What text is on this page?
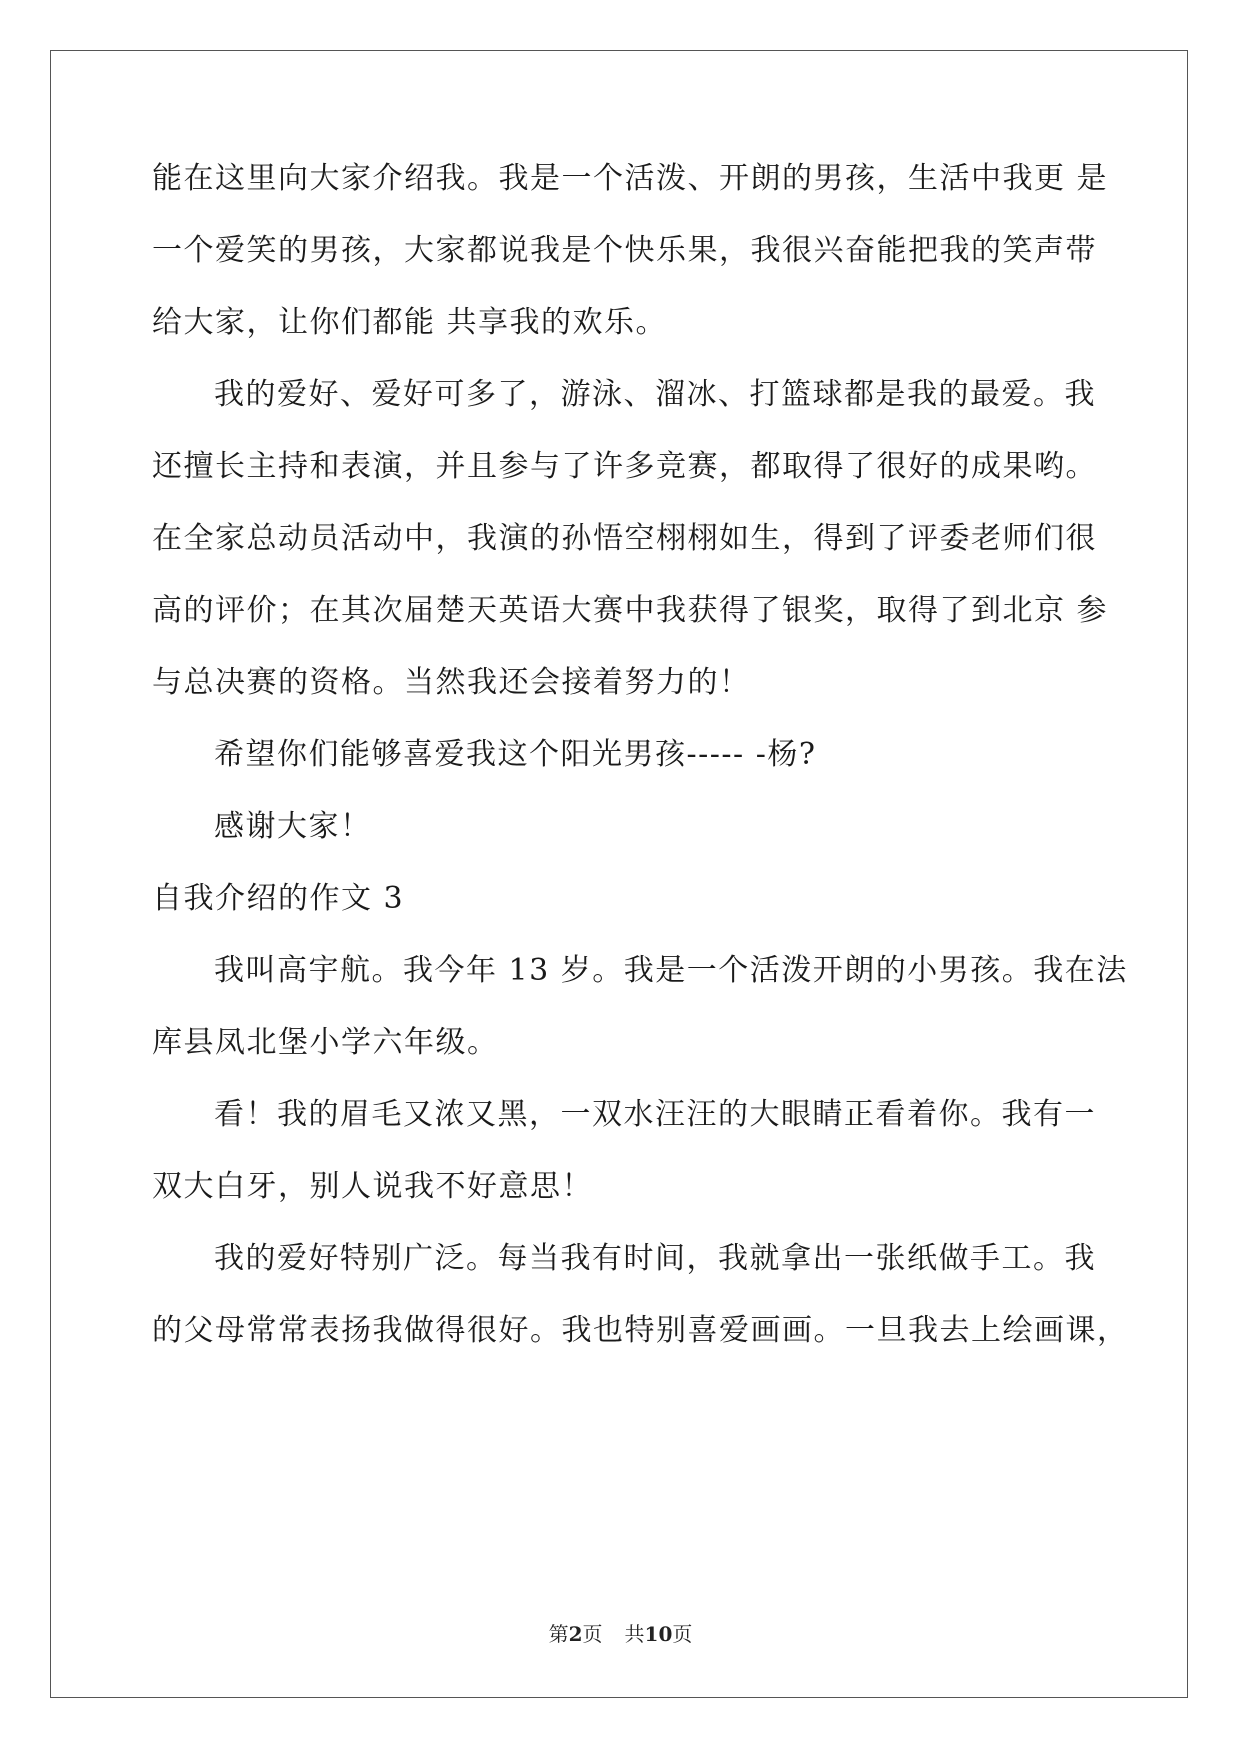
能在这里向大家介绍我。我是一个活泼、开朗的男孩，生活中我更 是
一个爱笑的男孩，大家都说我是个快乐果，我很兴奋能把我的笑声带
给大家，让你们都能 共享我的欢乐。
我的爱好、爱好可多了，游泳、溜冰、打篮球都是我的最爱。我
还擅长主持和表演，并且参与了许多竞赛，都取得了很好的成果哟。
在全家总动员活动中，我演的孙悟空栩栩如生，得到了评委老师们很
高的评价；在其次届楚天英语大赛中我获得了银奖，取得了到北京 参
与总决赛的资格。当然我还会接着努力的！
希望你们能够喜爱我这个阳光男孩----- -杨?
感谢大家！
自我介绍的作文 3
我叫高宇航。我今年 13 岁。我是一个活泼开朗的小男孩。我在法
库县凤北堡小学六年级。
看！我的眉毛又浓又黑，一双水汪汪的大眼睛正看着你。我有一
双大白牙，别人说我不好意思！
我的爱好特别广泛。每当我有时间，我就拿出一张纸做手工。我
的父母常常表扬我做得很好。我也特别喜爱画画。一旦我去上绘画课，
第2页 共10页
